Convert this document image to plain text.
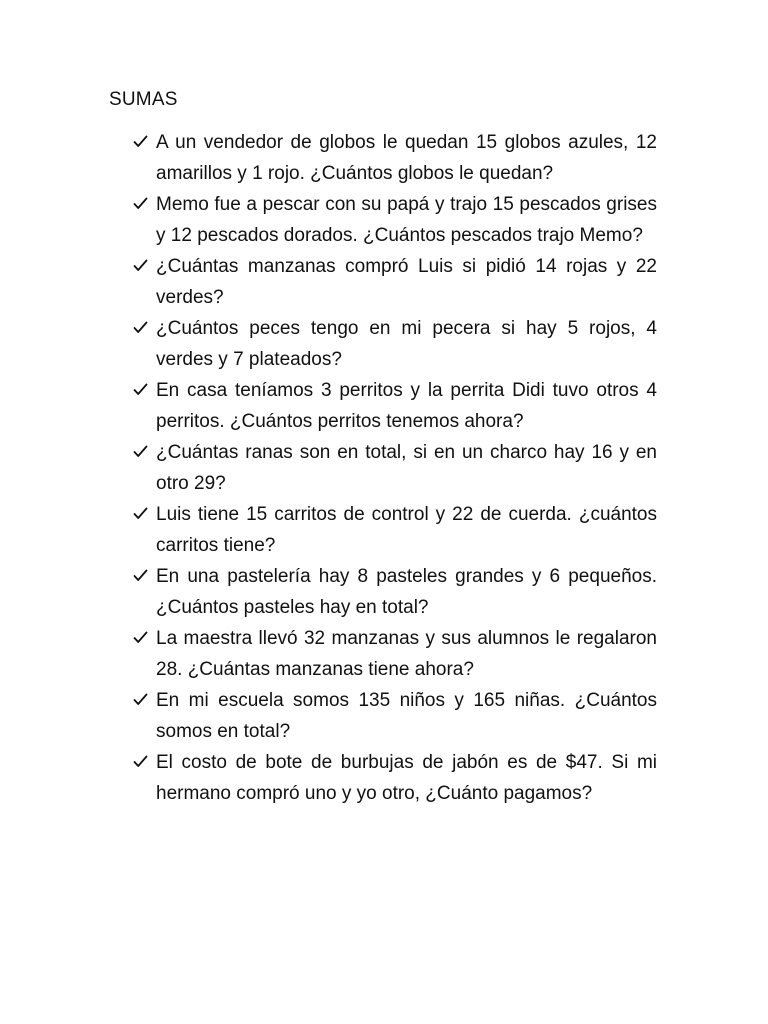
SUMAS
A un vendedor de globos le quedan 15 globos azules, 12 amarillos y 1 rojo. ¿Cuántos globos le quedan?
Memo fue a pescar con su papá y trajo 15 pescados grises y 12 pescados dorados. ¿Cuántos pescados trajo Memo?
¿Cuántas manzanas compró Luis si pidió 14 rojas y 22 verdes?
¿Cuántos peces tengo en mi pecera si hay 5 rojos, 4 verdes y 7 plateados?
En casa teníamos 3 perritos y la perrita Didi tuvo otros 4 perritos. ¿Cuántos perritos tenemos ahora?
¿Cuántas ranas son en total, si en un charco hay 16 y en otro 29?
Luis tiene 15 carritos de control y 22 de cuerda. ¿cuántos carritos tiene?
En una pastelería hay 8 pasteles grandes y 6 pequeños. ¿Cuántos pasteles hay en total?
La maestra llevó 32 manzanas y sus alumnos le regalaron 28. ¿Cuántas manzanas tiene ahora?
En mi escuela somos 135 niños y 165 niñas. ¿Cuántos somos en total?
El costo de bote de burbujas de jabón es de $47. Si mi hermano compró uno y yo otro, ¿Cuánto pagamos?
